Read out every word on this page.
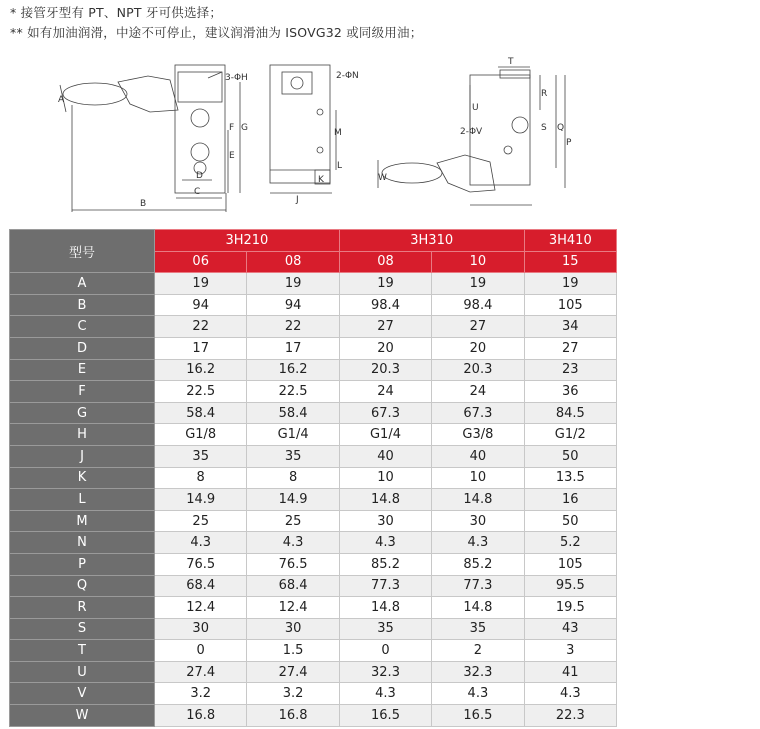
* 接管牙型有 PT、NPT 牙可供选择；
** 如有加油润滑，中途不可停止，建议润滑油为 ISOVG32 或同级用油；
3-ΦH	2-ΦN
2-ΦV
A
B
C
D
E
F G
J
K
L
M
P
Q
R
S
T
U
W
型号	3H210		3H310		3H410
	06	08	08	10	15
A	19	19	19	19	19
B	94	94	98.4	98.4	105
C	22	22	27	27	34
D	17	17	20	20	27
E	16.2	16.2	20.3	20.3	23
F	22.5	22.5	24	24	36
G	58.4	58.4	67.3	67.3	84.5
H	G1/8	G1/4	G1/4	G3/8	G1/2
J	35	35	40	40	50
K	8	8	10	10	13.5
L	14.9	14.9	14.8	14.8	16
M	25	25	30	30	50
N	4.3	4.3	4.3	4.3	5.2
P	76.5	76.5	85.2	85.2	105
Q	68.4	68.4	77.3	77.3	95.5
R	12.4	12.4	14.8	14.8	19.5
S	30	30	35	35	43
T	0	1.5	0	2	3
U	27.4	27.4	32.3	32.3	41
V	3.2	3.2	4.3	4.3	4.3
W	16.8	16.8	16.5	16.5	22.3
